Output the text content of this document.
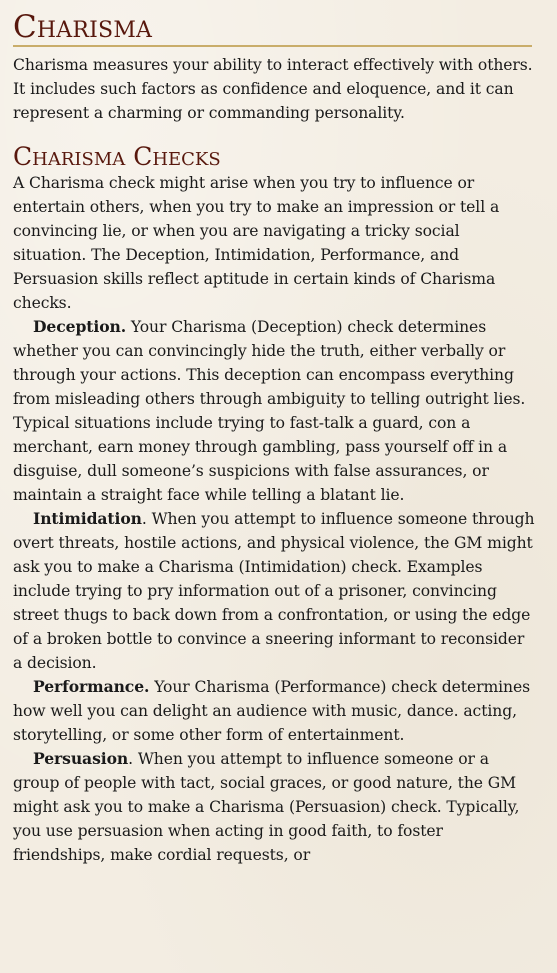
Charisma

Charisma measures your ability to interact effectively with others. It includes such factors as confidence and eloquence, and it can represent a charming or commanding personality.

Charisma Checks

A Charisma check might arise when you try to influence or entertain others, when you try to make an impression or tell a convincing lie, or when you are navigating a tricky social situation. The Deception, Intimidation, Performance, and Persuasion skills reflect aptitude in certain kinds of Charisma checks.

Deception. Your Charisma (Deception) check determines whether you can convincingly hide the truth, either verbally or through your actions. This deception can encompass everything from misleading others through ambiguity to telling outright lies. Typical situations include trying to fast-talk a guard, con a merchant, earn money through gambling, pass yourself off in a disguise, dull someone’s suspicions with false assurances, or maintain a straight face while telling a blatant lie.

Intimidation. When you attempt to influence someone through overt threats, hostile actions, and physical violence, the GM might ask you to make a Charisma (Intimidation) check. Examples include trying to pry information out of a prisoner, convincing street thugs to back down from a confrontation, or using the edge of a broken bottle to convince a sneering informant to reconsider a decision.

Performance. Your Charisma (Performance) check determines how well you can delight an audience with music, dance. acting, storytelling, or some other form of entertainment.

Persuasion. When you attempt to influence someone or a group of people with tact, social graces, or good nature, the GM might ask you to make a Charisma (Persuasion) check. Typically, you use persuasion when acting in good faith, to foster friendships, make cordial requests, or
